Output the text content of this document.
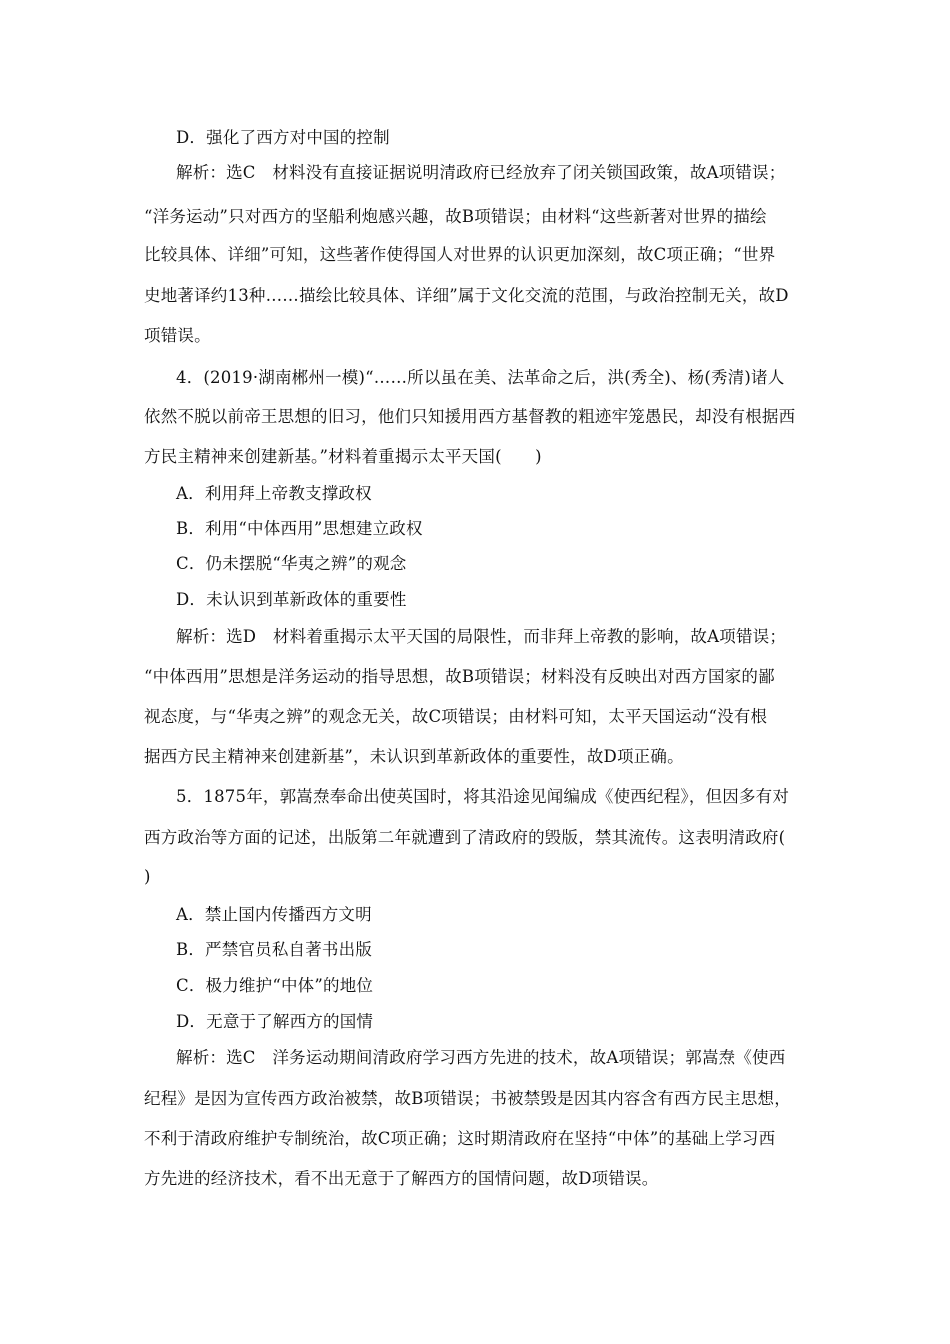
D．强化了西方对中国的控制
解析：选C　材料没有直接证据说明清政府已经放弃了闭关锁国政策，故A项错误；
“洋务运动”只对西方的坚船利炮感兴趣，故B项错误；由材料“这些新著对世界的描绘
比较具体、详细”可知，这些著作使得国人对世界的认识更加深刻，故C项正确；“世界
史地著译约13种……描绘比较具体、详细”属于文化交流的范围，与政治控制无关，故D
项错误。
4．(2019·湖南郴州一模)“……所以虽在美、法革命之后，洪(秀全)、杨(秀清)诸人
依然不脱以前帝王思想的旧习，他们只知援用西方基督教的粗迹牢笼愚民，却没有根据西
方民主精神来创建新基。”材料着重揭示太平天国(　　)
A．利用拜上帝教支撑政权
B．利用“中体西用”思想建立政权
C．仍未摆脱“华夷之辨”的观念
D．未认识到革新政体的重要性
解析：选D　材料着重揭示太平天国的局限性，而非拜上帝教的影响，故A项错误；
“中体西用”思想是洋务运动的指导思想，故B项错误；材料没有反映出对西方国家的鄙
视态度，与“华夷之辨”的观念无关，故C项错误；由材料可知，太平天国运动“没有根
据西方民主精神来创建新基”，未认识到革新政体的重要性，故D项正确。
5．1875年，郭嵩焘奉命出使英国时，将其沿途见闻编成《使西纪程》，但因多有对
西方政治等方面的记述，出版第二年就遭到了清政府的毁版，禁其流传。这表明清政府(
)
A．禁止国内传播西方文明
B．严禁官员私自著书出版
C．极力维护“中体”的地位
D．无意于了解西方的国情
解析：选C　洋务运动期间清政府学习西方先进的技术，故A项错误；郭嵩焘《使西
纪程》是因为宣传西方政治被禁，故B项错误；书被禁毁是因其内容含有西方民主思想，
不利于清政府维护专制统治，故C项正确；这时期清政府在坚持“中体”的基础上学习西
方先进的经济技术，看不出无意于了解西方的国情问题，故D项错误。
